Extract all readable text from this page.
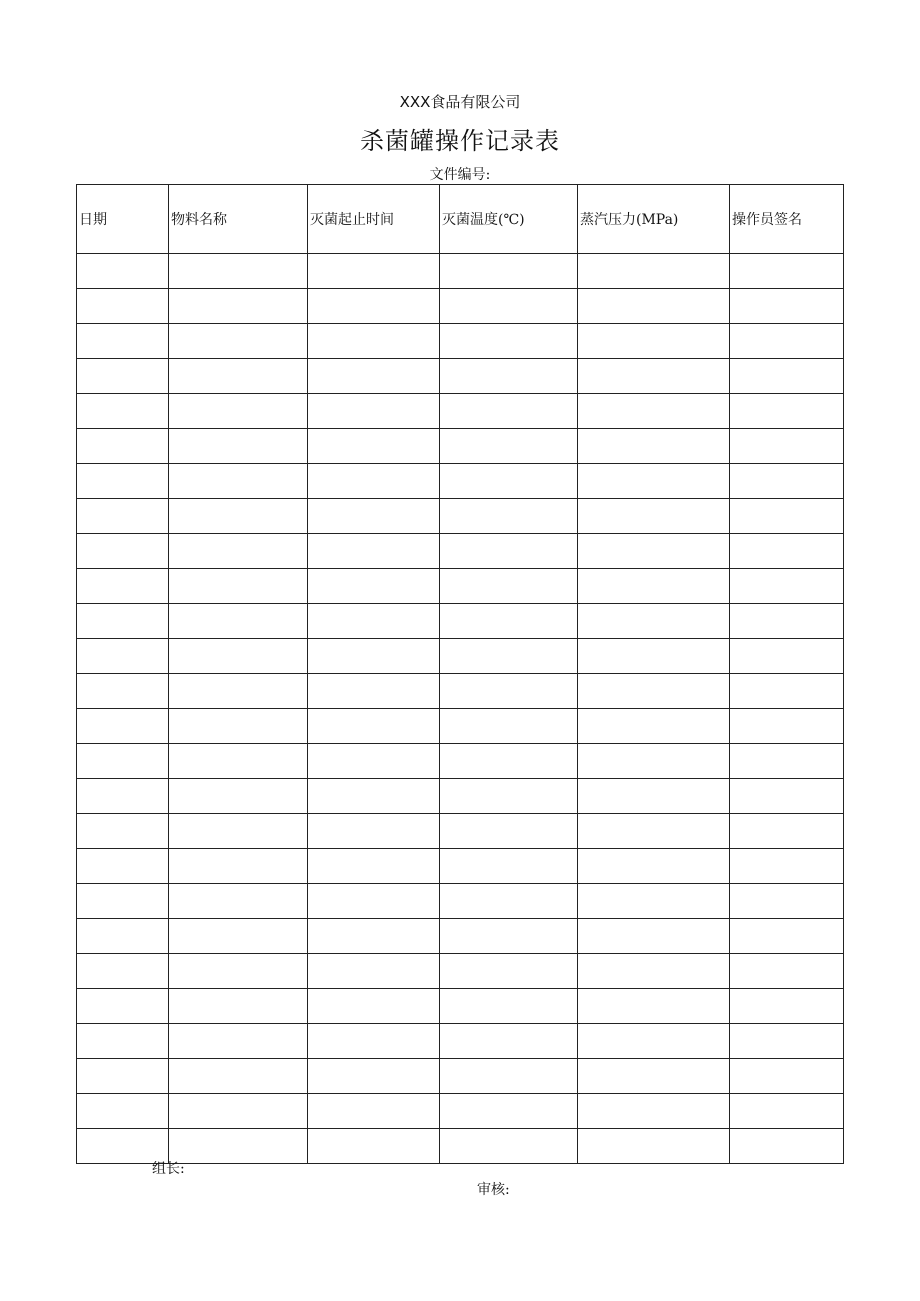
XXX食品有限公司
杀菌罐操作记录表
文件编号:
日期	物料名称	灭菌起止时间	灭菌温度(℃)	蒸汽压力(MPa)	操作员签名

组长:
审核:
